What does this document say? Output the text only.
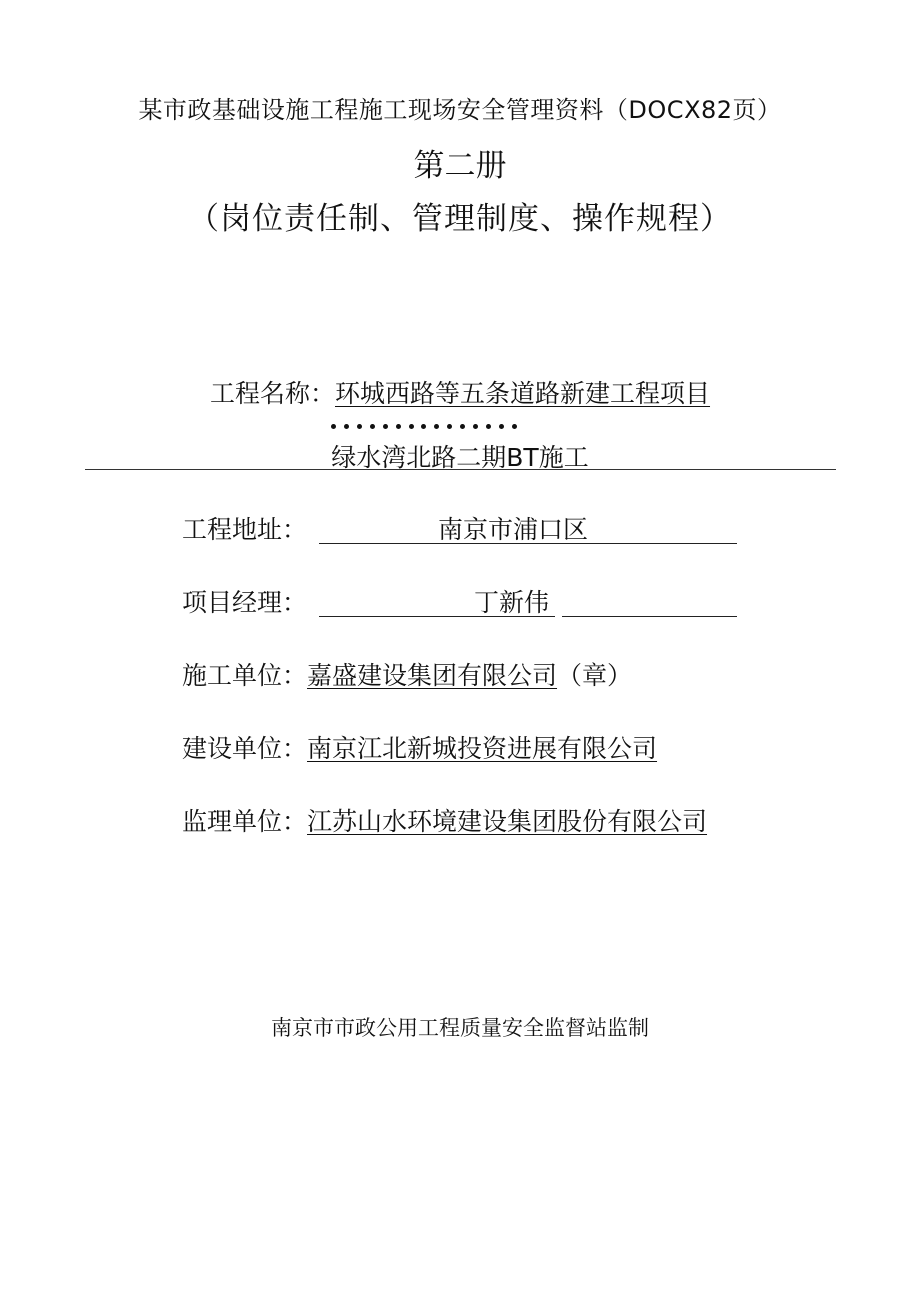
某市政基础设施工程施工现场安全管理资料（DOCX82页）
第二册
（岗位责任制、管理制度、操作规程）
工程名称：环城西路等五条道路新建工程项目
绿水湾北路二期BT施工
工程地址：	南京市浦口区
项目经理：	丁新伟
施工单位：嘉盛建设集团有限公司（章）
建设单位：南京江北新城投资进展有限公司
监理单位：江苏山水环境建设集团股份有限公司
南京市市政公用工程质量安全监督站监制
